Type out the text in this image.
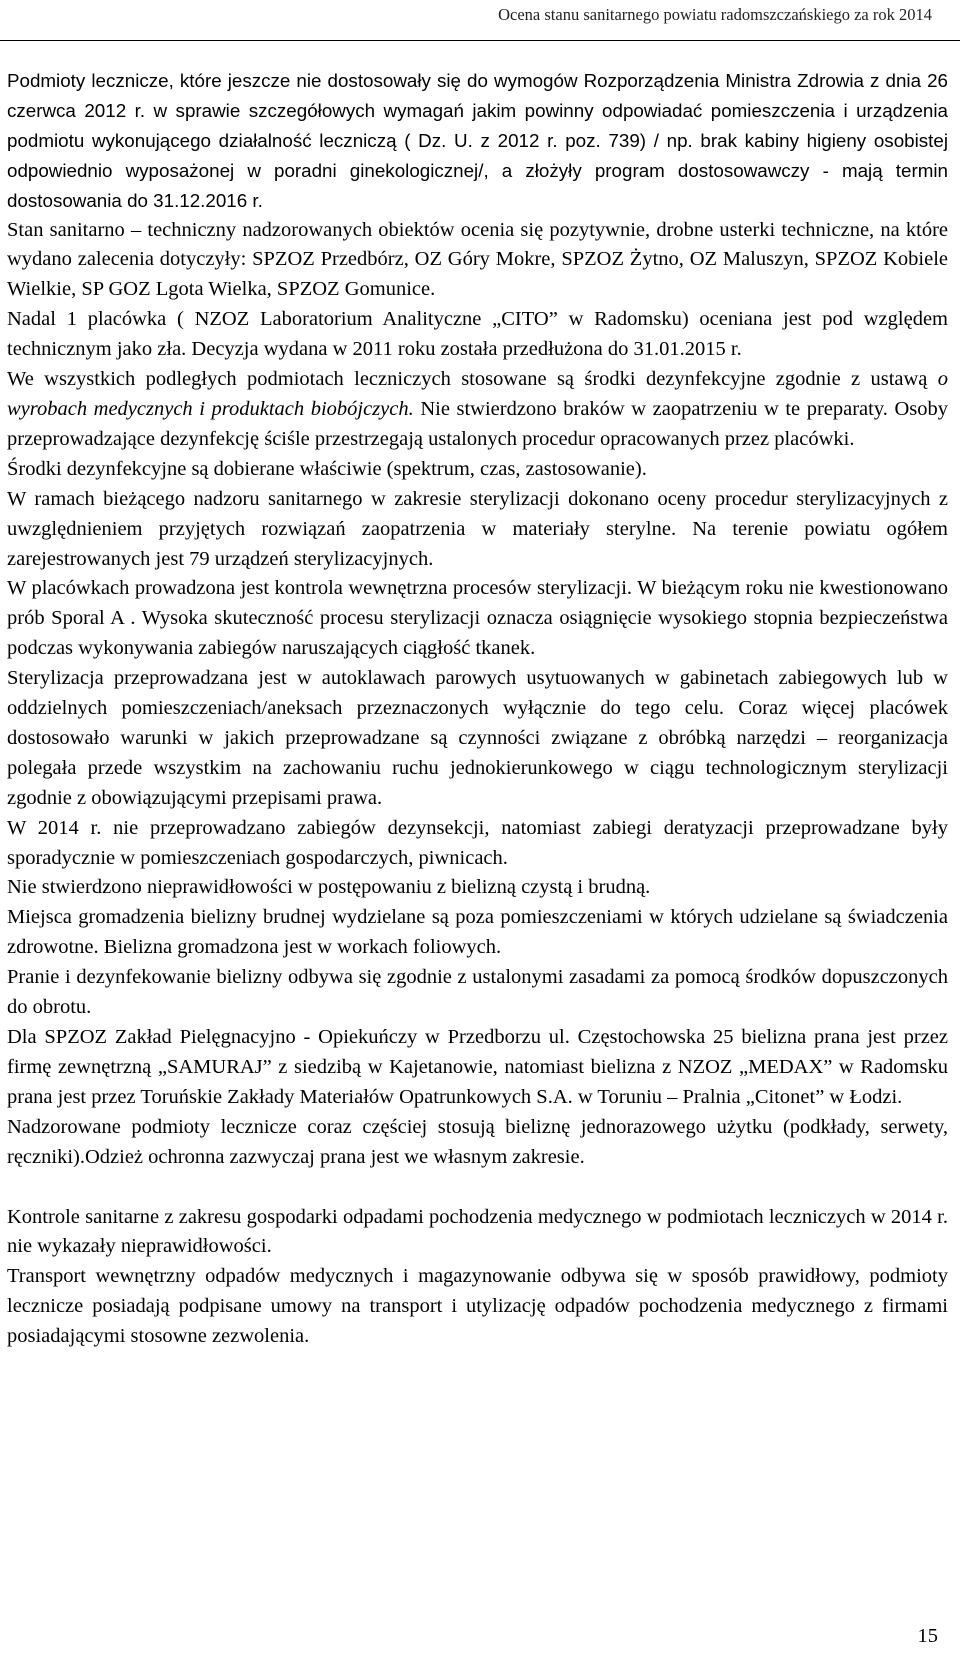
Ocena stanu sanitarnego powiatu radomszczańskiego za rok 2014

Podmioty lecznicze, które jeszcze nie dostosowały się do wymogów Rozporządzenia Ministra Zdrowia z dnia 26 czerwca 2012 r. w sprawie szczegółowych wymagań jakim powinny odpowiadać pomieszczenia i urządzenia podmiotu wykonującego działalność leczniczą ( Dz. U. z 2012 r. poz. 739) / np. brak kabiny higieny osobistej odpowiednio wyposażonej w poradni ginekologicznej/, a złożyły program dostosowawczy - mają termin dostosowania do 31.12.2016 r.

Stan sanitarno – techniczny nadzorowanych obiektów ocenia się pozytywnie, drobne usterki techniczne, na które wydano zalecenia dotyczyły: SPZOZ Przedbórz, OZ Góry Mokre, SPZOZ Żytno, OZ Maluszyn, SPZOZ Kobiele Wielkie, SP GOZ Lgota Wielka, SPZOZ Gomunice.

Nadal 1 placówka ( NZOZ Laboratorium Analityczne „CITO” w Radomsku) oceniana jest pod względem technicznym jako zła. Decyzja wydana w 2011 roku została przedłużona do 31.01.2015 r.

We wszystkich podległych podmiotach leczniczych stosowane są środki dezynfekcyjne zgodnie z ustawą o wyrobach medycznych i produktach biobójczych. Nie stwierdzono braków w zaopatrzeniu w te preparaty. Osoby przeprowadzające dezynfekcję ściśle przestrzegają ustalonych procedur opracowanych przez placówki.

Środki dezynfekcyjne są dobierane właściwie (spektrum, czas, zastosowanie).

W ramach bieżącego nadzoru sanitarnego w zakresie sterylizacji dokonano oceny procedur sterylizacyjnych z uwzględnieniem przyjętych rozwiązań zaopatrzenia w materiały sterylne. Na terenie powiatu ogółem zarejestrowanych jest 79 urządzeń sterylizacyjnych.

W placówkach prowadzona jest kontrola wewnętrzna procesów sterylizacji. W bieżącym roku nie kwestionowano prób Sporal A . Wysoka skuteczność procesu sterylizacji oznacza osiągnięcie wysokiego stopnia bezpieczeństwa podczas wykonywania zabiegów naruszających ciągłość tkanek.

Sterylizacja przeprowadzana jest w autoklawach parowych usytuowanych w gabinetach zabiegowych lub w oddzielnych pomieszczeniach/aneksach przeznaczonych wyłącznie do tego celu. Coraz więcej placówek dostosowało warunki w jakich przeprowadzane są czynności związane z obróbką narzędzi – reorganizacja polegała przede wszystkim na zachowaniu ruchu jednokierunkowego w ciągu technologicznym sterylizacji zgodnie z obowiązującymi przepisami prawa.

W 2014 r. nie przeprowadzano zabiegów dezynsekcji, natomiast zabiegi deratyzacji przeprowadzane były sporadycznie w pomieszczeniach gospodarczych, piwnicach.

Nie stwierdzono nieprawidłowości w postępowaniu z bielizną czystą i brudną.

Miejsca gromadzenia bielizny brudnej wydzielane są poza pomieszczeniami w których udzielane są świadczenia zdrowotne. Bielizna gromadzona jest w workach foliowych.

Pranie i dezynfekowanie bielizny odbywa się zgodnie z ustalonymi zasadami za pomocą środków dopuszczonych do obrotu.

Dla SPZOZ Zakład Pielęgnacyjno - Opiekuńczy w Przedborzu ul. Częstochowska 25 bielizna prana jest przez firmę zewnętrzną „SAMURAJ” z siedzibą w Kajetanowie, natomiast bielizna z NZOZ „MEDAX” w Radomsku prana jest przez Toruńskie Zakłady Materiałów Opatrunkowych S.A. w Toruniu – Pralnia „Citonet” w Łodzi.

Nadzorowane podmioty lecznicze coraz częściej stosują bieliznę jednorazowego użytku (podkłady, serwety, ręczniki).Odzież ochronna zazwyczaj prana jest we własnym zakresie.

Kontrole sanitarne z zakresu gospodarki odpadami pochodzenia medycznego w podmiotach leczniczych w 2014 r. nie wykazały nieprawidłowości.

Transport wewnętrzny odpadów medycznych i magazynowanie odbywa się w sposób prawidłowy, podmioty lecznicze posiadają podpisane umowy na transport i utylizację odpadów pochodzenia medycznego z firmami posiadającymi stosowne zezwolenia.

15
